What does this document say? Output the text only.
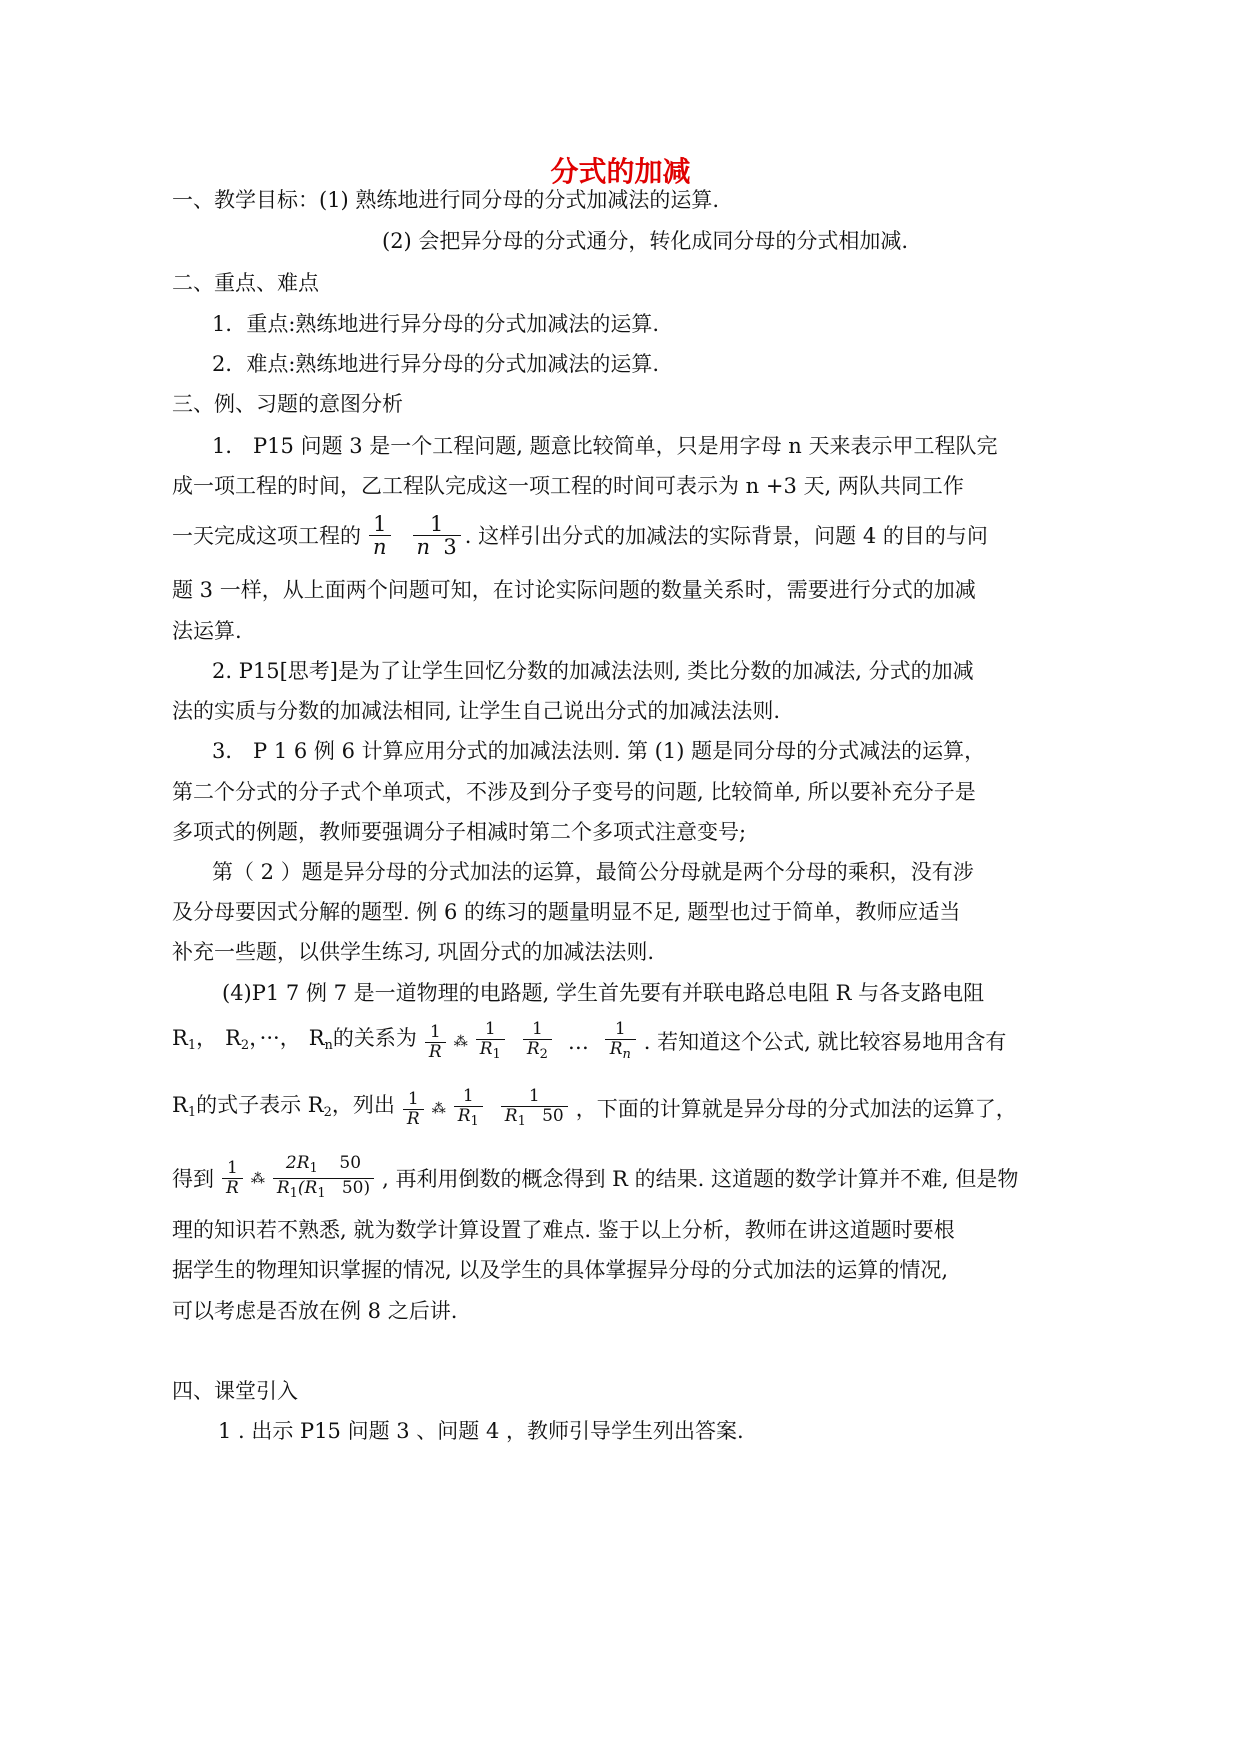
分式的加减
一、教学目标：(1) 熟练地进行同分母的分式加减法的运算.
(2) 会把异分母的分式通分，转化成同分母的分式相加减.
二、重点、难点
1．重点:熟练地进行异分母的分式加减法的运算.
2．难点:熟练地进行异分母的分式加减法的运算.
三、例、习题的意图分析
1． P15 问题 3 是一个工程问题, 题意比较简单，只是用字母 n 天来表示甲工程队完
成一项工程的时间，乙工程队完成这一项工程的时间可表示为 n +3 天, 两队共同工作
一天完成这项工程的 $\frac{1}{n} \frac{1}{n 3}$ . 这样引出分式的加减法的实际背景，问题 4 的目的与问
题 3 一样，从上面两个问题可知，在讨论实际问题的数量关系时，需要进行分式的加减
法运算.
2. P15[思考]是为了让学生回忆分数的加减法法则, 类比分数的加减法, 分式的加减
法的实质与分数的加减法相同, 让学生自己说出分式的加减法法则.
3． P 1 6 例 6 计算应用分式的加减法法则. 第 (1) 题是同分母的分式减法的运算，
第二个分式的分子式个单项式，不涉及到分子变号的问题, 比较简单, 所以要补充分子是
多项式的例题，教师要强调分子相减时第二个多项式注意变号;
第（ 2 ）题是异分母的分式加法的运算，最简公分母就是两个分母的乘积，没有涉
及分母要因式分解的题型. 例 6 的练习的题量明显不足, 题型也过于简单，教师应适当
补充一些题，以供学生练习, 巩固分式的加减法法则.
(4)P1 7 例 7 是一道物理的电路题, 学生首先要有并联电路总电阻 R 与各支路电阻
$R_1$， $R_2$，···， $R_n$的关系为 $\frac{1}{R}$ ⁂ $\frac{1}{R_1} \frac{1}{R_2}$ … $\frac{1}{R_n}$ . 若知道这个公式, 就比较容易地用含有
$R_1$的式子表示 $R_2$，列出 $\frac{1}{R}$ ⁂ $\frac{1}{R_1} \frac{1}{R_1 50}$ ，下面的计算就是异分母的分式加法的运算了，
得到 $\frac{1}{R}$ ⁂ $\frac{2R_1 50}{R_1(R_1 50)}$ , 再利用倒数的概念得到 R 的结果. 这道题的数学计算并不难, 但是物
理的知识若不熟悉, 就为数学计算设置了难点. 鉴于以上分析，教师在讲这道题时要根
据学生的物理知识掌握的情况, 以及学生的具体掌握异分母的分式加法的运算的情况,
可以考虑是否放在例 8 之后讲.
四、课堂引入
1 . 出示 P15 问题 3 、问题 4 ，教师引导学生列出答案.
